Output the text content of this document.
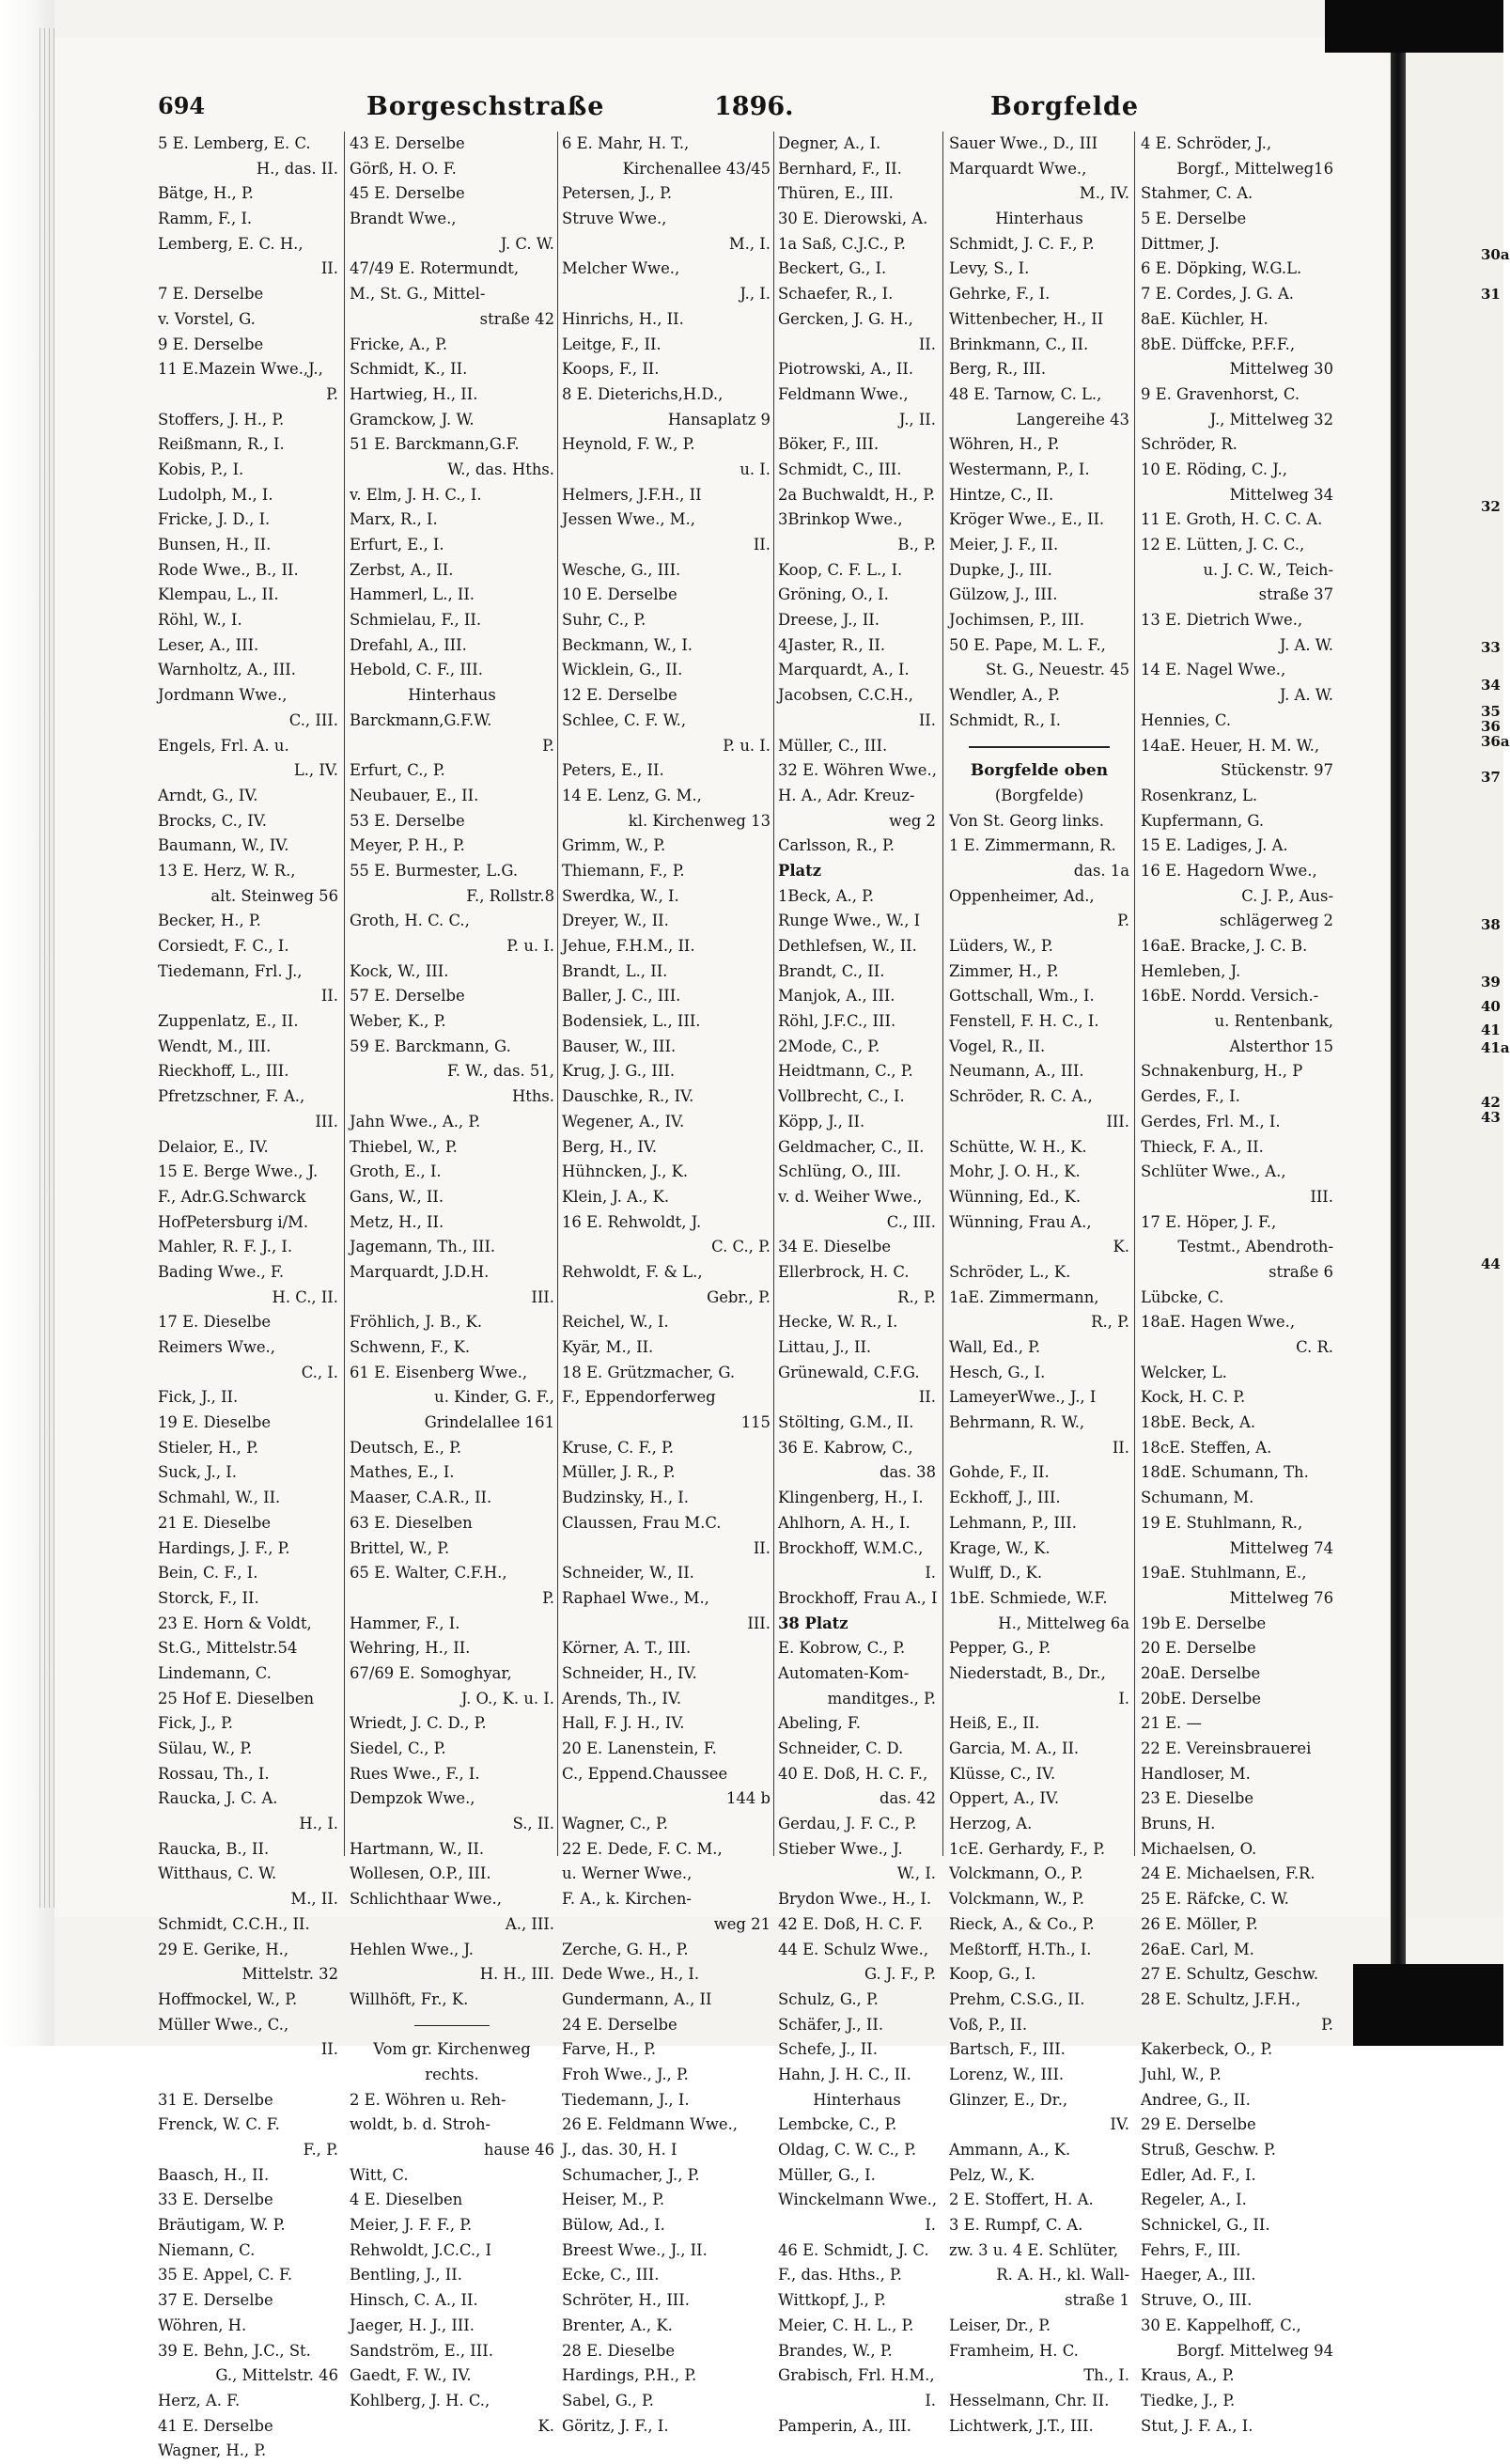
694	Borgeschstraße	1896.	Borgfelde
5 E. Lemberg, E. C.
H., das. II.
Bätge, H., P.
Ramm, F., I.
Lemberg, E. C. H.,
II.
7 E. Derselbe
v. Vorstel, G.
9 E. Derselbe
11 E.Mazein Wwe.,J.,
P.
Stoffers, J. H., P.
Reißmann, R., I.
Kobis, P., I.
Ludolph, M., I.
Fricke, J. D., I.
Bunsen, H., II.
Rode Wwe., B., II.
Klempau, L., II.
Röhl, W., I.
Leser, A., III.
Warnholtz, A., III.
Jordmann Wwe.,
C., III.
Engels, Frl. A. u.
L., IV.
Arndt, G., IV.
Brocks, C., IV.
Baumann, W., IV.
13 E. Herz, W. R.,
alt. Steinweg 56
Becker, H., P.
Corsiedt, F. C., I.
Tiedemann, Frl. J.,
II.
Zuppenlatz, E., II.
Wendt, M., III.
Rieckhoff, L., III.
Pfretzschner, F. A.,
III.
Delaior, E., IV.
15 E. Berge Wwe., J.
F., Adr.G.Schwarck
HofPetersburg i/M.
Mahler, R. F. J., I.
Bading Wwe., F.
H. C., II.
17 E. Dieselbe
Reimers Wwe.,
C., I.
Fick, J., II.
19 E. Dieselbe
Stieler, H., P.
Suck, J., I.
Schmahl, W., II.
21 E. Dieselbe
Hardings, J. F., P.
Bein, C. F., I.
Storck, F., II.
23 E. Horn & Voldt,
St.G., Mittelstr.54
Lindemann, C.
25 Hof E. Dieselben
Fick, J., P.
Sülau, W., P.
Rossau, Th., I.
Raucka, J. C. A.
H., I.
Raucka, B., II.
Witthaus, C. W.
M., II.
Schmidt, C.C.H., II.
29 E. Gerike, H.,
Mittelstr. 32
Hoffmockel, W., P.
Müller Wwe., C.,
II.
31 E. Derselbe
Frenck, W. C. F.
F., P.
Baasch, H., II.
33 E. Derselbe
Bräutigam, W. P.
Niemann, C.
35 E. Appel, C. F.
37 E. Derselbe
Wöhren, H.
39 E. Behn, J.C., St.
G., Mittelstr. 46
Herz, A. F.
41 E. Derselbe
Wagner, H., P.
43 E. Derselbe
Görß, H. O. F.
45 E. Derselbe
Brandt Wwe.,
J. C. W.
47/49 E. Rotermundt,
M., St. G., Mittel-
straße 42
Fricke, A., P.
Schmidt, K., II.
Hartwieg, H., II.
Gramckow, J. W.
51 E. Barckmann,G.F.
W., das. Hths.
v. Elm, J. H. C., I.
Marx, R., I.
Erfurt, E., I.
Zerbst, A., II.
Hammerl, L., II.
Schmielau, F., II.
Drefahl, A., III.
Hebold, C. F., III.
Hinterhaus
Barckmann,G.F.W.
P.
Erfurt, C., P.
Neubauer, E., II.
53 E. Derselbe
Meyer, P. H., P.
55 E. Burmester, L.G.
F., Rollstr.8
Groth, H. C. C.,
P. u. I.
Kock, W., III.
57 E. Derselbe
Weber, K., P.
59 E. Barckmann, G.
F. W., das. 51,
Hths.
Jahn Wwe., A., P.
Thiebel, W., P.
Groth, E., I.
Gans, W., II.
Metz, H., II.
Jagemann, Th., III.
Marquardt, J.D.H.
III.
Fröhlich, J. B., K.
Schwenn, F., K.
61 E. Eisenberg Wwe.,
u. Kinder, G. F.,
Grindelallee 161
Deutsch, E., P.
Mathes, E., I.
Maaser, C.A.R., II.
63 E. Dieselben
Brittel, W., P.
65 E. Walter, C.F.H.,
P.
Hammer, F., I.
Wehring, H., II.
67/69 E. Somoghyar,
J. O., K. u. I.
Wriedt, J. C. D., P.
Siedel, C., P.
Rues Wwe., F., I.
Dempzok Wwe.,
S., II.
Hartmann, W., II.
Wollesen, O.P., III.
Schlichthaar Wwe.,
A., III.
Hehlen Wwe., J.
H. H., III.
Willhöft, Fr., K.
Vom gr. Kirchenweg
rechts.
2 E. Wöhren u. Reh-
woldt, b. d. Stroh-
hause 46
Witt, C.
4 E. Dieselben
Meier, J. F. F., P.
Rehwoldt, J.C.C., I
Bentling, J., II.
Hinsch, C. A., II.
Jaeger, H. J., III.
Sandström, E., III.
Gaedt, F. W., IV.
Kohlberg, J. H. C.,
K.
6 E. Mahr, H. T.,
Kirchenallee 43/45
Petersen, J., P.
Struve Wwe.,
M., I.
Melcher Wwe.,
J., I.
Hinrichs, H., II.
Leitge, F., II.
Koops, F., II.
8 E. Dieterichs,H.D.,
Hansaplatz 9
Heynold, F. W., P.
u. I.
Helmers, J.F.H., II
Jessen Wwe., M.,
II.
Wesche, G., III.
10 E. Derselbe
Suhr, C., P.
Beckmann, W., I.
Wicklein, G., II.
12 E. Derselbe
Schlee, C. F. W.,
P. u. I.
Peters, E., II.
14 E. Lenz, G. M.,
kl. Kirchenweg 13
Grimm, W., P.
Thiemann, F., P.
Swerdka, W., I.
Dreyer, W., II.
Jehue, F.H.M., II.
Brandt, L., II.
Baller, J. C., III.
Bodensiek, L., III.
Bauser, W., III.
Krug, J. G., III.
Dauschke, R., IV.
Wegener, A., IV.
Berg, H., IV.
Hühncken, J., K.
Klein, J. A., K.
16 E. Rehwoldt, J.
C. C., P.
Rehwoldt, F. & L.,
Gebr., P.
Reichel, W., I.
Kyär, M., II.
18 E. Grützmacher, G.
F., Eppendorferweg
115
Kruse, C. F., P.
Müller, J. R., P.
Budzinsky, H., I.
Claussen, Frau M.C.
II.
Schneider, W., II.
Raphael Wwe., M.,
III.
Körner, A. T., III.
Schneider, H., IV.
Arends, Th., IV.
Hall, F. J. H., IV.
20 E. Lanenstein, F.
C., Eppend.Chaussee
144 b
Wagner, C., P.
22 E. Dede, F. C. M.,
u. Werner Wwe.,
F. A., k. Kirchen-
weg 21
Zerche, G. H., P.
Dede Wwe., H., I.
Gundermann, A., II
24 E. Derselbe
Farve, H., P.
Froh Wwe., J., P.
Tiedemann, J., I.
26 E. Feldmann Wwe.,
J., das. 30, H. I
Schumacher, J., P.
Heiser, M., P.
Bülow, Ad., I.
Breest Wwe., J., II.
Ecke, C., III.
Schröter, H., III.
Brenter, A., K.
28 E. Dieselbe
Hardings, P.H., P.
Sabel, G., P.
Göritz, J. F., I.
Degner, A., I.
Bernhard, F., II.
Thüren, E., III.
30 E. Dierowski, A.
1a Saß, C.J.C., P.
Beckert, G., I.
Schaefer, R., I.
Gercken, J. G. H.,
II.
Piotrowski, A., II.
Feldmann Wwe.,
J., II.
Böker, F., III.
Schmidt, C., III.
2a Buchwaldt, H., P.
3Brinkop Wwe.,
B., P.
Koop, C. F. L., I.
Gröning, O., I.
Dreese, J., II.
4Jaster, R., II.
Marquardt, A., I.
Jacobsen, C.C.H.,
II.
Müller, C., III.
32 E. Wöhren Wwe.,
H. A., Adr. Kreuz-
weg 2
Carlsson, R., P.
Platz
1Beck, A., P.
Runge Wwe., W., I
Dethlefsen, W., II.
Brandt, C., II.
Manjok, A., III.
Röhl, J.F.C., III.
2Mode, C., P.
Heidtmann, C., P.
Vollbrecht, C., I.
Köpp, J., II.
Geldmacher, C., II.
Schlüng, O., III.
v. d. Weiher Wwe.,
C., III.
34 E. Dieselbe
Ellerbrock, H. C.
R., P.
Hecke, W. R., I.
Littau, J., II.
Grünewald, C.F.G.
II.
Stölting, G.M., II.
36 E. Kabrow, C.,
das. 38
Klingenberg, H., I.
Ahlhorn, A. H., I.
Brockhoff, W.M.C.,
I.
Brockhoff, Frau A., I
38 Platz
E. Kobrow, C., P.
Automaten-Kom-
manditges., P.
Abeling, F.
Schneider, C. D.
40 E. Doß, H. C. F.,
das. 42
Gerdau, J. F. C., P.
Stieber Wwe., J.
W., I.
Brydon Wwe., H., I.
42 E. Doß, H. C. F.
44 E. Schulz Wwe.,
G. J. F., P.
Schulz, G., P.
Schäfer, J., II.
Schefe, J., II.
Hahn, J. H. C., II.
Hinterhaus
Lembcke, C., P.
Oldag, C. W. C., P.
Müller, G., I.
Winckelmann Wwe.,
I.
46 E. Schmidt, J. C.
F., das. Hths., P.
Wittkopf, J., P.
Meier, C. H. L., P.
Brandes, W., P.
Grabisch, Frl. H.M.,
I.
Pamperin, A., III.
Sauer Wwe., D., III
Marquardt Wwe.,
M., IV.
Hinterhaus
Schmidt, J. C. F., P.
Levy, S., I.
Gehrke, F., I.
Wittenbecher, H., II
Brinkmann, C., II.
Berg, R., III.
48 E. Tarnow, C. L.,
Langereihe 43
Wöhren, H., P.
Westermann, P., I.
Hintze, C., II.
Kröger Wwe., E., II.
Meier, J. F., II.
Dupke, J., III.
Gülzow, J., III.
Jochimsen, P., III.
50 E. Pape, M. L. F.,
St. G., Neuestr. 45
Wendler, A., P.
Schmidt, R., I.
Borgfelde oben
(Borgfelde)
Von St. Georg links.
1 E. Zimmermann, R.
das. 1a
Oppenheimer, Ad.,
P.
Lüders, W., P.
Zimmer, H., P.
Gottschall, Wm., I.
Fenstell, F. H. C., I.
Vogel, R., II.
Neumann, A., III.
Schröder, R. C. A.,
III.
Schütte, W. H., K.
Mohr, J. O. H., K.
Wünning, Ed., K.
Wünning, Frau A.,
K.
Schröder, L., K.
1aE. Zimmermann,
R., P.
Wall, Ed., P.
Hesch, G., I.
LameyerWwe., J., I
Behrmann, R. W.,
II.
Gohde, F., II.
Eckhoff, J., III.
Lehmann, P., III.
Krage, W., K.
Wulff, D., K.
1bE. Schmiede, W.F.
H., Mittelweg 6a
Pepper, G., P.
Niederstadt, B., Dr.,
I.
Heiß, E., II.
Garcia, M. A., II.
Klüsse, C., IV.
Oppert, A., IV.
Herzog, A.
1cE. Gerhardy, F., P.
Volckmann, O., P.
Volckmann, W., P.
Rieck, A., & Co., P.
Meßtorff, H.Th., I.
Koop, G., I.
Prehm, C.S.G., II.
Voß, P., II.
Bartsch, F., III.
Lorenz, W., III.
Glinzer, E., Dr.,
IV.
Ammann, A., K.
Pelz, W., K.
2 E. Stoffert, H. A.
3 E. Rumpf, C. A.
zw. 3 u. 4 E. Schlüter,
R. A. H., kl. Wall-
straße 1
Leiser, Dr., P.
Framheim, H. C.
Th., I.
Hesselmann, Chr. II.
Lichtwerk, J.T., III.
4 E. Schröder, J.,
Borgf., Mittelweg16
Stahmer, C. A.
5 E. Derselbe
Dittmer, J.
6 E. Döpking, W.G.L.
7 E. Cordes, J. G. A.
8aE. Küchler, H.
8bE. Düffcke, P.F.F.,
Mittelweg 30
9 E. Gravenhorst, C.
J., Mittelweg 32
Schröder, R.
10 E. Röding, C. J.,
Mittelweg 34
11 E. Groth, H. C. C. A.
12 E. Lütten, J. C. C.,
u. J. C. W., Teich-
straße 37
13 E. Dietrich Wwe.,
J. A. W.
14 E. Nagel Wwe.,
J. A. W.
Hennies, C.
14aE. Heuer, H. M. W.,
Stückenstr. 97
Rosenkranz, L.
Kupfermann, G.
15 E. Ladiges, J. A.
16 E. Hagedorn Wwe.,
C. J. P., Aus-
schlägerweg 2
16aE. Bracke, J. C. B.
Hemleben, J.
16bE. Nordd. Versich.-
u. Rentenbank,
Alsterthor 15
Schnakenburg, H., P
Gerdes, F., I.
Gerdes, Frl. M., I.
Thieck, F. A., II.
Schlüter Wwe., A.,
III.
17 E. Höper, J. F.,
Testmt., Abendroth-
straße 6
Lübcke, C.
18aE. Hagen Wwe.,
C. R.
Welcker, L.
Kock, H. C. P.
18bE. Beck, A.
18cE. Steffen, A.
18dE. Schumann, Th.
Schumann, M.
19 E. Stuhlmann, R.,
Mittelweg 74
19aE. Stuhlmann, E.,
Mittelweg 76
19b E. Derselbe
20 E. Derselbe
20aE. Derselbe
20bE. Derselbe
21 E. —
22 E. Vereinsbrauerei
Handloser, M.
23 E. Dieselbe
Bruns, H.
Michaelsen, O.
24 E. Michaelsen, F.R.
25 E. Räfcke, C. W.
26 E. Möller, P.
26aE. Carl, M.
27 E. Schultz, Geschw.
28 E. Schultz, J.F.H.,
P.
Kakerbeck, O., P.
Juhl, W., P.
Andree, G., II.
29 E. Derselbe
Struß, Geschw. P.
Edler, Ad. F., I.
Regeler, A., I.
Schnickel, G., II.
Fehrs, F., III.
Haeger, A., III.
Struve, O., III.
30 E. Kappelhoff, C.,
Borgf. Mittelweg 94
Kraus, A., P.
Tiedke, J., P.
Stut, J. F. A., I.
30a
31
32
33
34
35
36
36a
37
38
39
40
41
41a
42
43
44
